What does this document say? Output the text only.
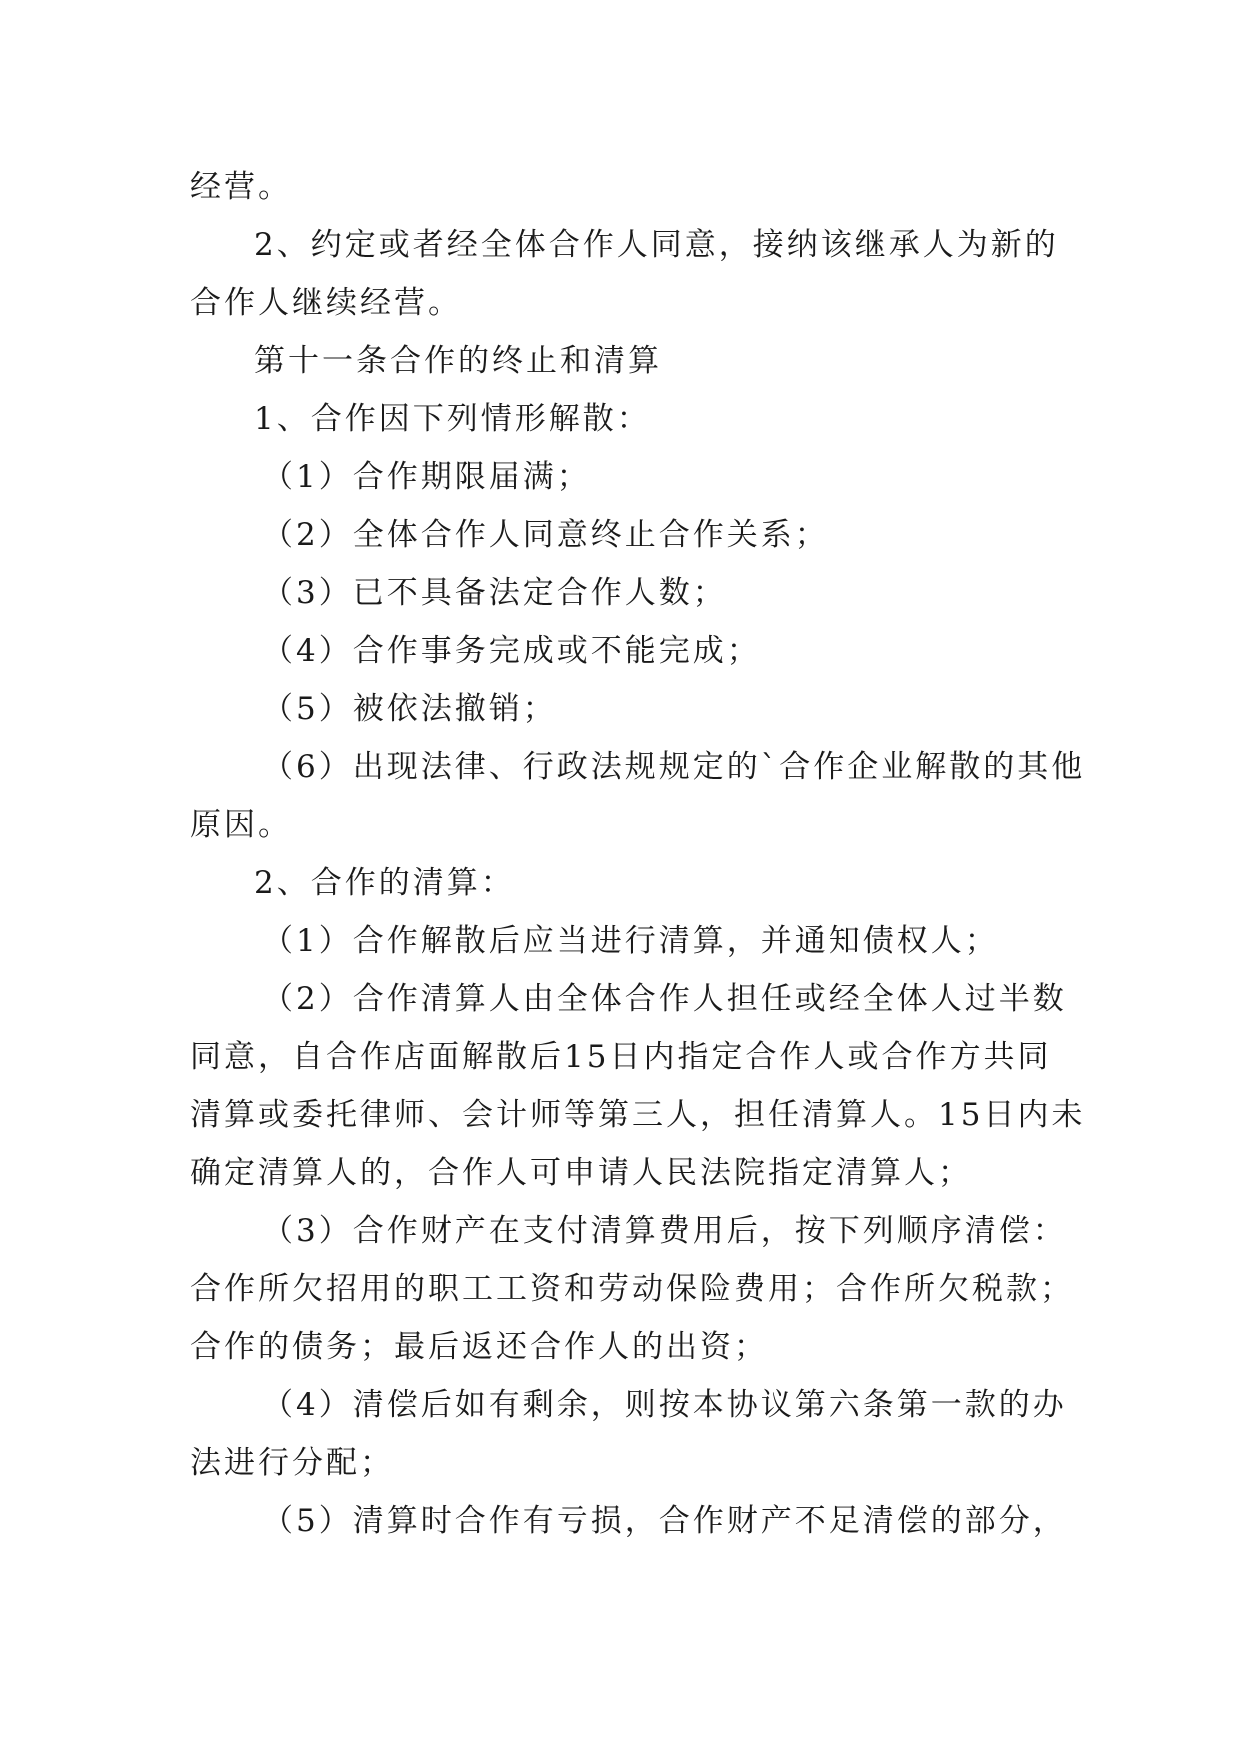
经营。
2、约定或者经全体合作人同意，接纳该继承人为新的
合作人继续经营。
第十一条合作的终止和清算
1、合作因下列情形解散：
（1）合作期限届满；
（2）全体合作人同意终止合作关系；
（3）已不具备法定合作人数；
（4）合作事务完成或不能完成；
（5）被依法撤销；
（6）出现法律、行政法规规定的`合作企业解散的其他
原因。
2、合作的清算：
（1）合作解散后应当进行清算，并通知债权人；
（2）合作清算人由全体合作人担任或经全体人过半数
同意，自合作店面解散后15日内指定合作人或合作方共同
清算或委托律师、会计师等第三人，担任清算人。15日内未
确定清算人的，合作人可申请人民法院指定清算人；
（3）合作财产在支付清算费用后，按下列顺序清偿：
合作所欠招用的职工工资和劳动保险费用；合作所欠税款；
合作的债务；最后返还合作人的出资；
（4）清偿后如有剩余，则按本协议第六条第一款的办
法进行分配；
（5）清算时合作有亏损，合作财产不足清偿的部分，
